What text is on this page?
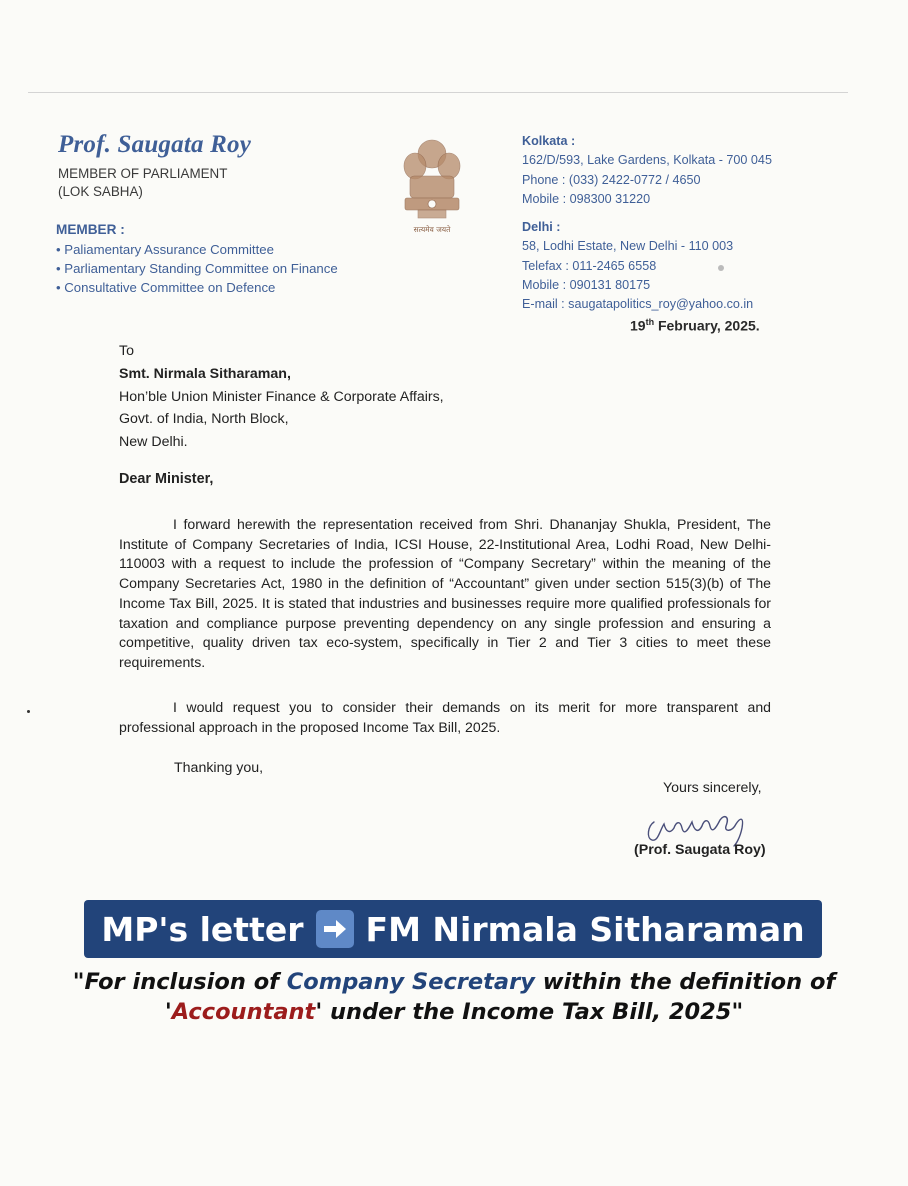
Prof. Saugata Roy
MEMBER OF PARLIAMENT
(LOK SABHA)
MEMBER :
• Paliamentary Assurance Committee
• Parliamentary Standing Committee on Finance
• Consultative Committee on Defence
सत्यमेव जयते
Kolkata :
162/D/593, Lake Gardens, Kolkata - 700 045
Phone : (033) 2422-0772 / 4650
Mobile : 098300 31220
Delhi :
58, Lodhi Estate, New Delhi - 110 003
Telefax : 011-2465 6558
Mobile : 090131 80175
E-mail : saugatapolitics_roy@yahoo.co.in
19th February, 2025.
To
Smt. Nirmala Sitharaman,
Hon’ble Union Minister Finance & Corporate Affairs,
Govt. of India, North Block,
New Delhi.
Dear Minister,
I forward herewith the representation received from Shri. Dhananjay Shukla, President, The Institute of Company Secretaries of India, ICSI House, 22-Institutional Area, Lodhi Road, New Delhi-110003 with a request to include the profession of “Company Secretary” within the meaning of the Company Secretaries Act, 1980 in the definition of “Accountant” given under section 515(3)(b) of The Income Tax Bill, 2025. It is stated that industries and businesses require more qualified professionals for taxation and compliance purpose preventing dependency on any single profession and ensuring a competitive, quality driven tax eco-system, specifically in Tier 2 and Tier 3 cities to meet these requirements.
I would request you to consider their demands on its merit for more transparent and professional approach in the proposed Income Tax Bill, 2025.
Thanking you,
Yours sincerely,
(Prof. Saugata Roy)
MP's letter FM Nirmala Sitharaman
"For inclusion of Company Secretary within the definition of 'Accountant' under the Income Tax Bill, 2025"
